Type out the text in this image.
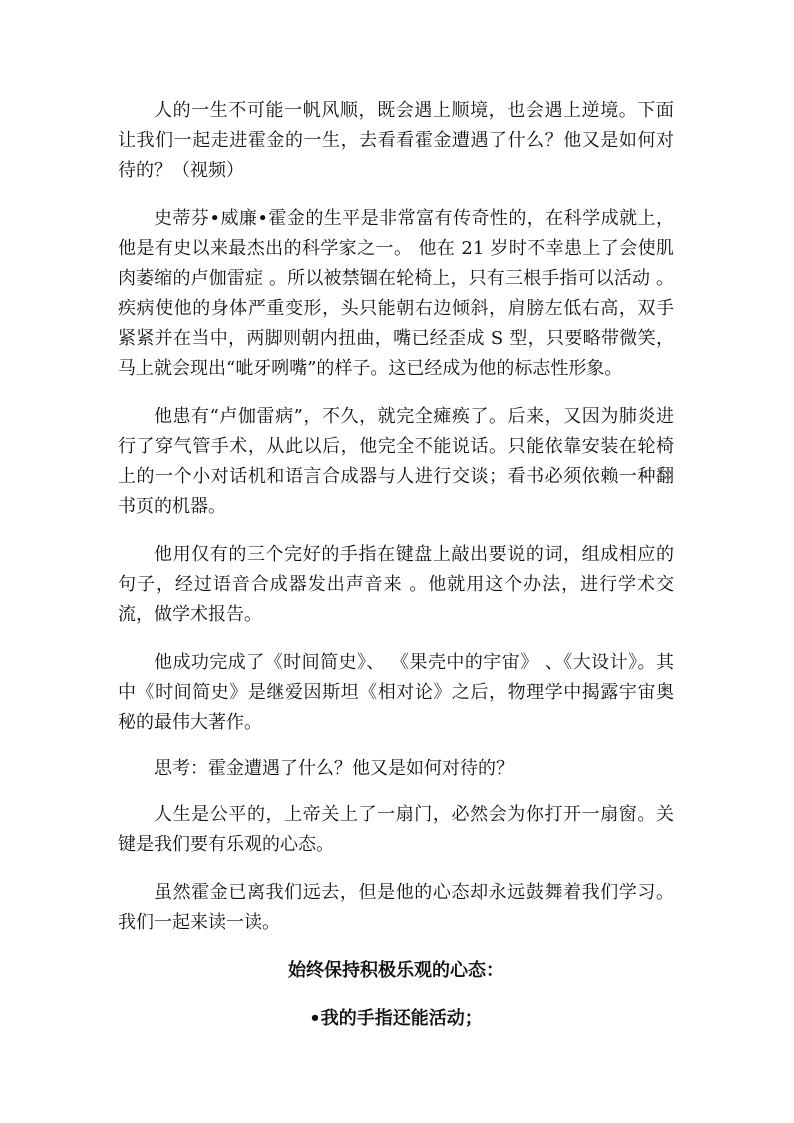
人的一生不可能一帆风顺，既会遇上顺境，也会遇上逆境。下面让我们一起走进霍金的一生，去看看霍金遭遇了什么？他又是如何对待的？（视频）

史蒂芬•威廉•霍金的生平是非常富有传奇性的，在科学成就上，他是有史以来最杰出的科学家之一。 他在 21 岁时不幸患上了会使肌肉萎缩的卢伽雷症 。所以被禁锢在轮椅上，只有三根手指可以活动 。疾病使他的身体严重变形，头只能朝右边倾斜，肩膀左低右高，双手紧紧并在当中，两脚则朝内扭曲，嘴已经歪成 S 型，只要略带微笑，马上就会现出“呲牙咧嘴”的样子。这已经成为他的标志性形象。

他患有“卢伽雷病”，不久，就完全瘫痪了。后来，又因为肺炎进行了穿气管手术，从此以后，他完全不能说话。只能依靠安装在轮椅上的一个小对话机和语言合成器与人进行交谈；看书必须依赖一种翻书页的机器。

他用仅有的三个完好的手指在键盘上敲出要说的词，组成相应的句子，经过语音合成器发出声音来 。他就用这个办法，进行学术交流，做学术报告。

他成功完成了《时间简史》、 《果壳中的宇宙》 、《大设计》。其中《时间简史》是继爱因斯坦《相对论》之后，物理学中揭露宇宙奥秘的最伟大著作。

思考：霍金遭遇了什么？他又是如何对待的？

人生是公平的，上帝关上了一扇门，必然会为你打开一扇窗。关键是我们要有乐观的心态。

虽然霍金已离我们远去，但是他的心态却永远鼓舞着我们学习。我们一起来读一读。

始终保持积极乐观的心态：

•我的手指还能活动；
